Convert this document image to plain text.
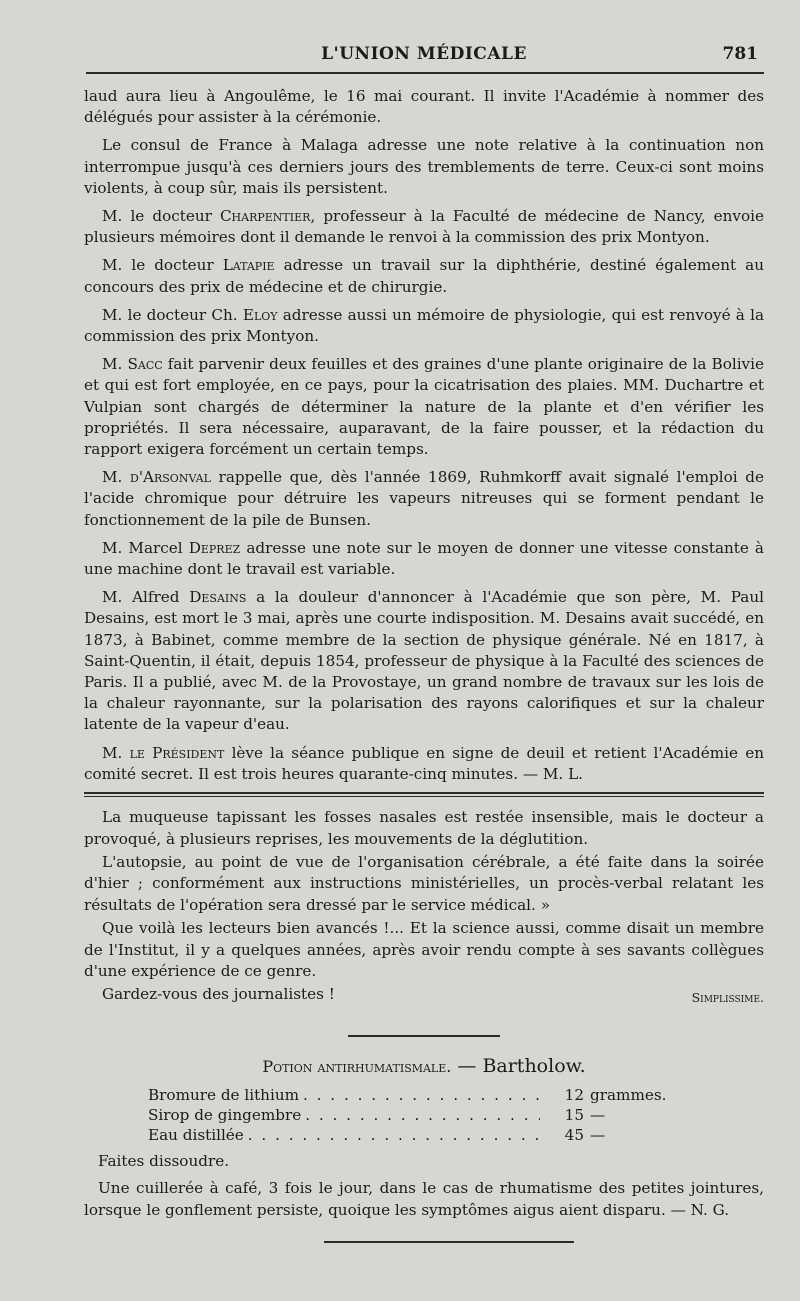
L'UNION MÉDICALE	781

laud aura lieu à Angoulême, le 16 mai courant. Il invite l'Académie à nommer des délégués pour assister à la cérémonie.

Le consul de France à Malaga adresse une note relative à la continuation non interrompue jusqu'à ces derniers jours des tremblements de terre. Ceux-ci sont moins violents, à coup sûr, mais ils persistent.

M. le docteur Charpentier, professeur à la Faculté de médecine de Nancy, envoie plusieurs mémoires dont il demande le renvoi à la commission des prix Montyon.

M. le docteur Latapie adresse un travail sur la diphthérie, destiné également au concours des prix de médecine et de chirurgie.

M. le docteur Ch. Eloy adresse aussi un mémoire de physiologie, qui est renvoyé à la commission des prix Montyon.

M. Sacc fait parvenir deux feuilles et des graines d'une plante originaire de la Bolivie et qui est fort employée, en ce pays, pour la cicatrisation des plaies. MM. Duchartre et Vulpian sont chargés de déterminer la nature de la plante et d'en vérifier les propriétés. Il sera nécessaire, auparavant, de la faire pousser, et la rédaction du rapport exigera forcément un certain temps.

M. d'Arsonval rappelle que, dès l'année 1869, Ruhmkorff avait signalé l'emploi de l'acide chromique pour détruire les vapeurs nitreuses qui se forment pendant le fonctionnement de la pile de Bunsen.

M. Marcel Deprez adresse une note sur le moyen de donner une vitesse constante à une machine dont le travail est variable.

M. Alfred Desains a la douleur d'annoncer à l'Académie que son père, M. Paul Desains, est mort le 3 mai, après une courte indisposition. M. Desains avait succédé, en 1873, à Babinet, comme membre de la section de physique générale. Né en 1817, à Saint-Quentin, il était, depuis 1854, professeur de physique à la Faculté des sciences de Paris. Il a publié, avec M. de la Provostaye, un grand nombre de travaux sur les lois de la chaleur rayonnante, sur la polarisation des rayons calorifiques et sur la chaleur latente de la vapeur d'eau.

M. le Président lève la séance publique en signe de deuil et retient l'Académie en comité secret. Il est trois heures quarante-cinq minutes. — M. L.

La muqueuse tapissant les fosses nasales est restée insensible, mais le docteur a provoqué, à plusieurs reprises, les mouvements de la déglutition.

L'autopsie, au point de vue de l'organisation cérébrale, a été faite dans la soirée d'hier ; conformément aux instructions ministérielles, un procès-verbal relatant les résultats de l'opération sera dressé par le service médical. »

Que voilà les lecteurs bien avancés !... Et la science aussi, comme disait un membre de l'Institut, il y a quelques années, après avoir rendu compte à ses savants collègues d'une expérience de ce genre.

Gardez-vous des journalistes !	Simplissime.
Potion antirhumatismale. — Bartholow.
Bromure de lithium . . .	12 grammes.
Sirop de gingembre . . .	15 —
Eau distillée . . .	45 —

Faites dissoudre.

Une cuillerée à café, 3 fois le jour, dans le cas de rhumatisme des petites jointures, lorsque le gonflement persiste, quoique les symptômes aigus aient disparu. — N. G.
